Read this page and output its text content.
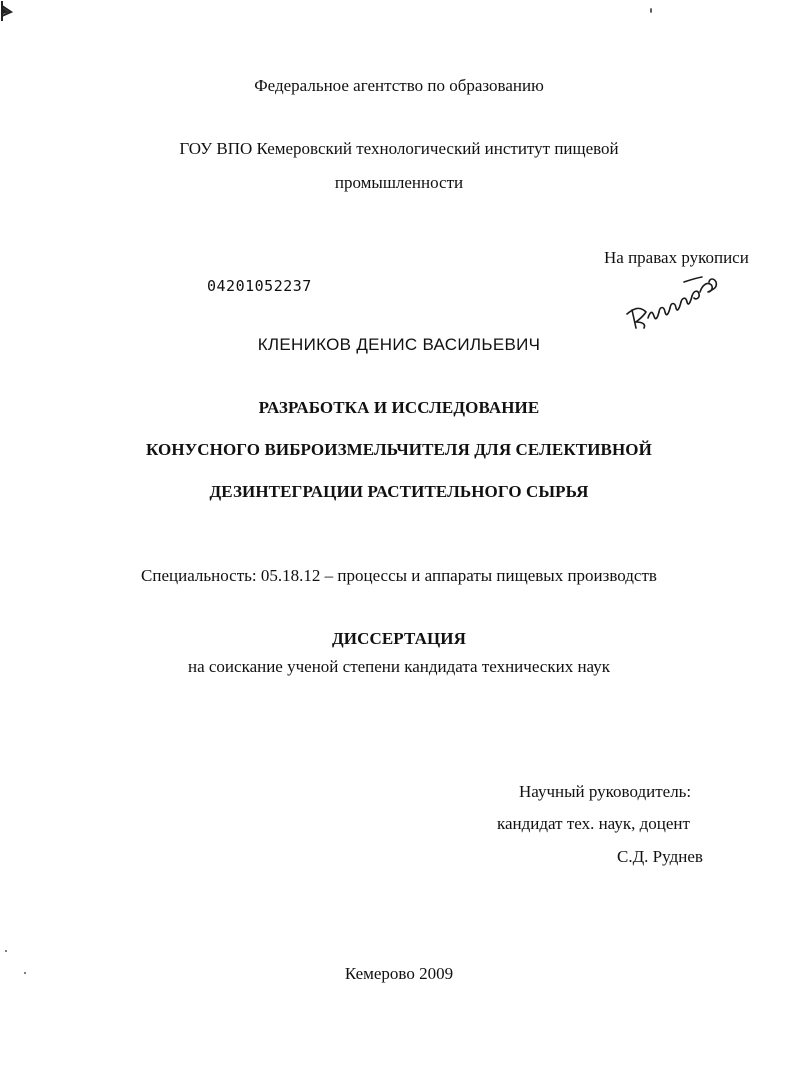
Федеральное агентство по образованию
ГОУ ВПО Кемеровский технологический институт пищевой
промышленности
На правах рукописи
04201052237
КЛЕНИКОВ ДЕНИС ВАСИЛЬЕВИЧ
РАЗРАБОТКА И ИССЛЕДОВАНИЕ
КОНУСНОГО ВИБРОИЗМЕЛЬЧИТЕЛЯ ДЛЯ СЕЛЕКТИВНОЙ
ДЕЗИНТЕГРАЦИИ РАСТИТЕЛЬНОГО СЫРЬЯ
Специальность: 05.18.12 – процессы и аппараты пищевых производств
ДИССЕРТАЦИЯ
на соискание ученой степени кандидата технических наук
Научный руководитель:
кандидат тех. наук, доцент
С.Д. Руднев
Кемерово 2009
